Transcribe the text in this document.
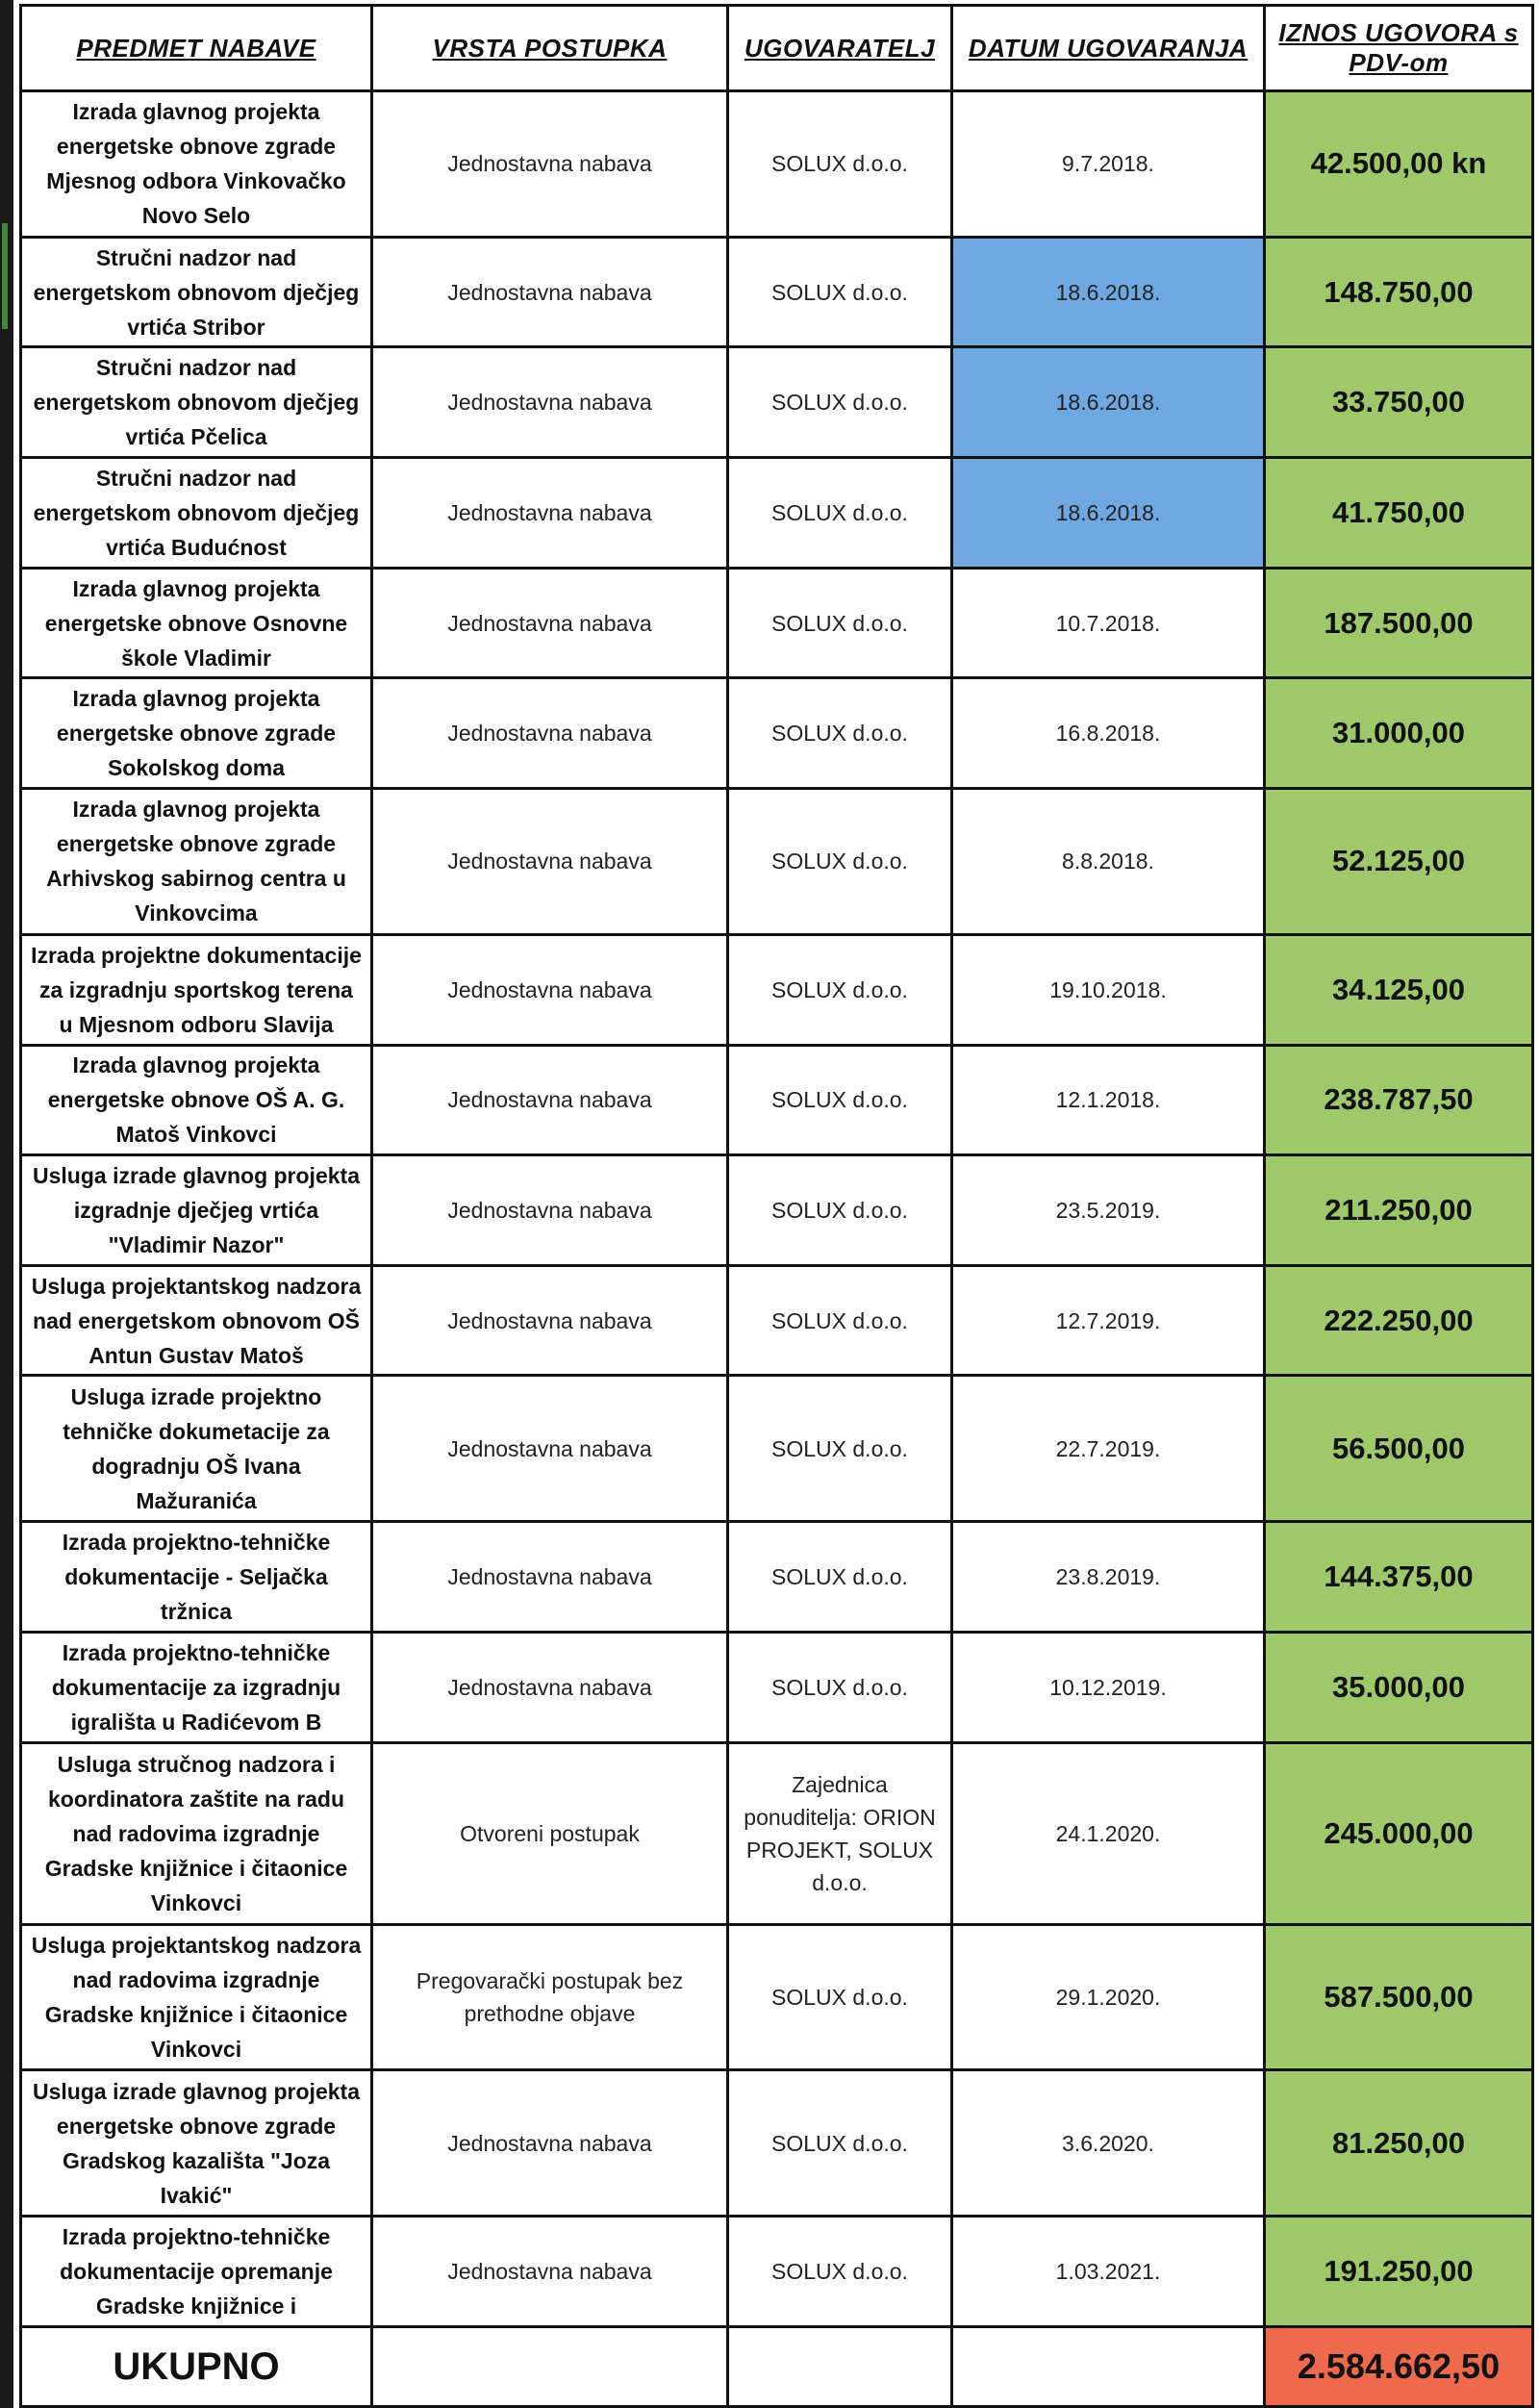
PREDMET NABAVE	VRSTA POSTUPKA	UGOVARATELJ	DATUM UGOVARANJA	IZNOS UGOVORA s PDV-om
Izrada glavnog projekta energetske obnove zgrade Mjesnog odbora Vinkovačko Novo Selo	Jednostavna nabava	SOLUX d.o.o.	9.7.2018.	42.500,00 kn
Stručni nadzor nad energetskom obnovom dječjeg vrtića Stribor	Jednostavna nabava	SOLUX d.o.o.	18.6.2018.	148.750,00
Stručni nadzor nad energetskom obnovom dječjeg vrtića Pčelica	Jednostavna nabava	SOLUX d.o.o.	18.6.2018.	33.750,00
Stručni nadzor nad energetskom obnovom dječjeg vrtića Budućnost	Jednostavna nabava	SOLUX d.o.o.	18.6.2018.	41.750,00
Izrada glavnog projekta energetske obnove Osnovne škole Vladimir	Jednostavna nabava	SOLUX d.o.o.	10.7.2018.	187.500,00
Izrada glavnog projekta energetske obnove zgrade Sokolskog doma	Jednostavna nabava	SOLUX d.o.o.	16.8.2018.	31.000,00
Izrada glavnog projekta energetske obnove zgrade Arhivskog sabirnog centra u Vinkovcima	Jednostavna nabava	SOLUX d.o.o.	8.8.2018.	52.125,00
Izrada projektne dokumentacije za izgradnju sportskog terena u Mjesnom odboru Slavija	Jednostavna nabava	SOLUX d.o.o.	19.10.2018.	34.125,00
Izrada glavnog projekta energetske obnove OŠ A. G. Matoš Vinkovci	Jednostavna nabava	SOLUX d.o.o.	12.1.2018.	238.787,50
Usluga izrade glavnog projekta izgradnje dječjeg vrtića "Vladimir Nazor"	Jednostavna nabava	SOLUX d.o.o.	23.5.2019.	211.250,00
Usluga projektantskog nadzora nad energetskom obnovom OŠ Antun Gustav Matoš	Jednostavna nabava	SOLUX d.o.o.	12.7.2019.	222.250,00
Usluga izrade projektno tehničke dokumetacije za dogradnju OŠ Ivana Mažuranića	Jednostavna nabava	SOLUX d.o.o.	22.7.2019.	56.500,00
Izrada projektno-tehničke dokumentacije - Seljačka tržnica	Jednostavna nabava	SOLUX d.o.o.	23.8.2019.	144.375,00
Izrada projektno-tehničke dokumentacije za izgradnju igrališta u Radićevom B	Jednostavna nabava	SOLUX d.o.o.	10.12.2019.	35.000,00
Usluga stručnog nadzora i koordinatora zaštite na radu nad radovima izgradnje Gradske knjižnice i čitaonice Vinkovci	Otvoreni postupak	Zajednica ponuditelja: ORION PROJEKT, SOLUX d.o.o.	24.1.2020.	245.000,00
Usluga projektantskog nadzora nad radovima izgradnje Gradske knjižnice i čitaonice Vinkovci	Pregovarački postupak bez prethodne objave	SOLUX d.o.o.	29.1.2020.	587.500,00
Usluga izrade glavnog projekta energetske obnove zgrade Gradskog kazališta "Joza Ivakić"	Jednostavna nabava	SOLUX d.o.o.	3.6.2020.	81.250,00
Izrada projektno-tehničke dokumentacije opremanje Gradske knjižnice i	Jednostavna nabava	SOLUX d.o.o.	1.03.2021.	191.250,00
UKUPNO				2.584.662,50
